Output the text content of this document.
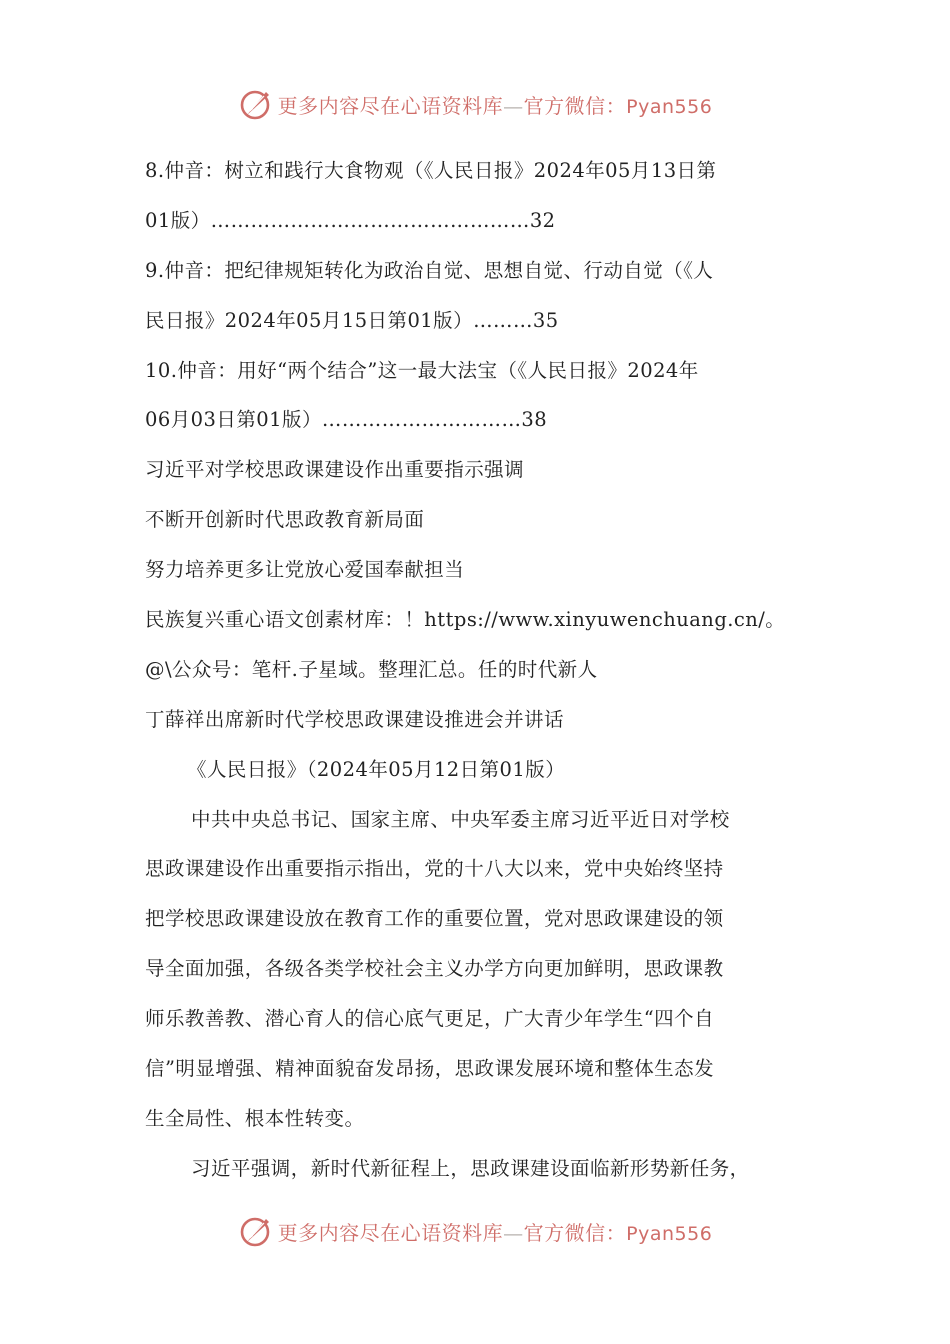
更多内容尽在心语资料库—官方微信：Pyan556
8.仲音：树立和践行大食物观（《人民日报》2024年05月13日第
01版）…………………………………………32
9.仲音：把纪律规矩转化为政治自觉、思想自觉、行动自觉（《人
民日报》2024年05月15日第01版）………35
10.仲音：用好“两个结合”这一最大法宝（《人民日报》2024年
06月03日第01版）…………………………38
习近平对学校思政课建设作出重要指示强调
不断开创新时代思政教育新局面
努力培养更多让党放心爱国奉献担当
民族复兴重心语文创素材库：！https://www.xinyuwenchuang.cn/。
@\公众号：笔杆.子星域。整理汇总。任的时代新人
丁薛祥出席新时代学校思政课建设推进会并讲话
《人民日报》（2024年05月12日第01版）
中共中央总书记、国家主席、中央军委主席习近平近日对学校
思政课建设作出重要指示指出，党的十八大以来，党中央始终坚持
把学校思政课建设放在教育工作的重要位置，党对思政课建设的领
导全面加强，各级各类学校社会主义办学方向更加鲜明，思政课教
师乐教善教、潜心育人的信心底气更足，广大青少年学生“四个自
信”明显增强、精神面貌奋发昂扬，思政课发展环境和整体生态发
生全局性、根本性转变。
习近平强调，新时代新征程上，思政课建设面临新形势新任务，
更多内容尽在心语资料库—官方微信：Pyan556
